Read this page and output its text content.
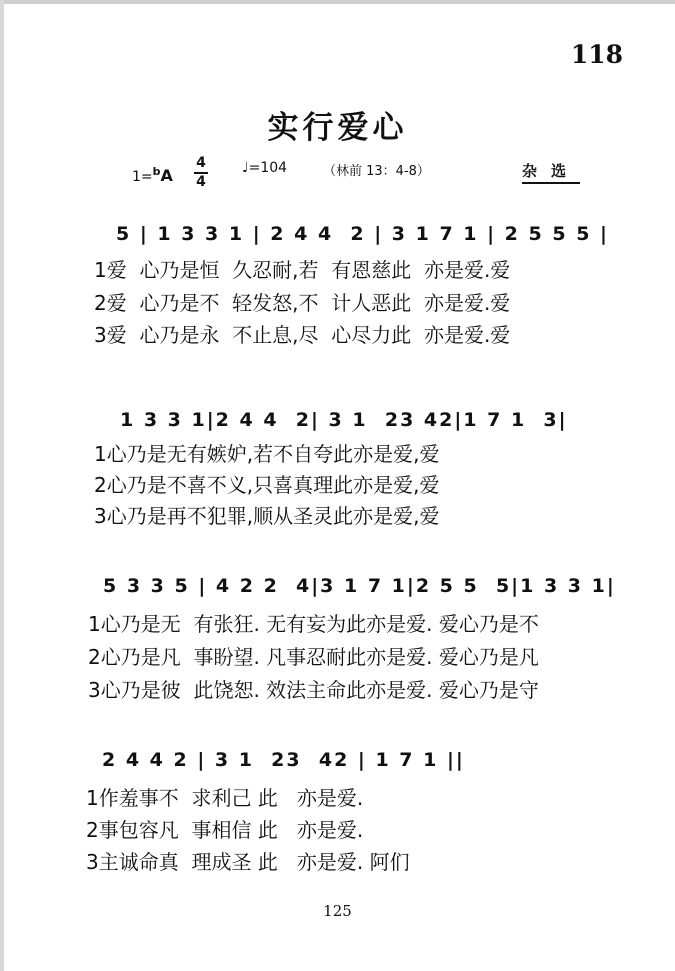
118
实行爱心
1=$^b$A
4
4
♩=104	（林前 13：4-8）	杂选
5 | 1 3 3 1 | 2 4 4  2 | 3 1 7 1 | 2 5 5 5 |
1爱  心乃是恒  久忍耐,若  有恩慈此  亦是爱.爱
2爱  心乃是不  轻发怒,不  计人恶此  亦是爱.爱
3爱  心乃是永  不止息,尽  心尽力此  亦是爱.爱
1 3 3 1|2 4 4  2| 3 1  23 42|1 7 1  3|
1心乃是无有嫉妒,若不自夸此亦是爱,爱
2心乃是不喜不义,只喜真理此亦是爱,爱
3心乃是再不犯罪,顺从圣灵此亦是爱,爱
5 3 3 5 | 4 2 2  4|3 1 7 1|2 5 5  5|1 3 3 1|
1心乃是无  有张狂. 无有妄为此亦是爱. 爱心乃是不
2心乃是凡  事盼望. 凡事忍耐此亦是爱. 爱心乃是凡
3心乃是彼  此饶恕. 效法主命此亦是爱. 爱心乃是守
2 4 4 2 | 3 1  23  42 | 1 7 1 ||
1作羞事不  求利己 此   亦是爱.
2事包容凡  事相信 此   亦是爱.
3主诚命真  理成圣 此   亦是爱. 阿们
125
